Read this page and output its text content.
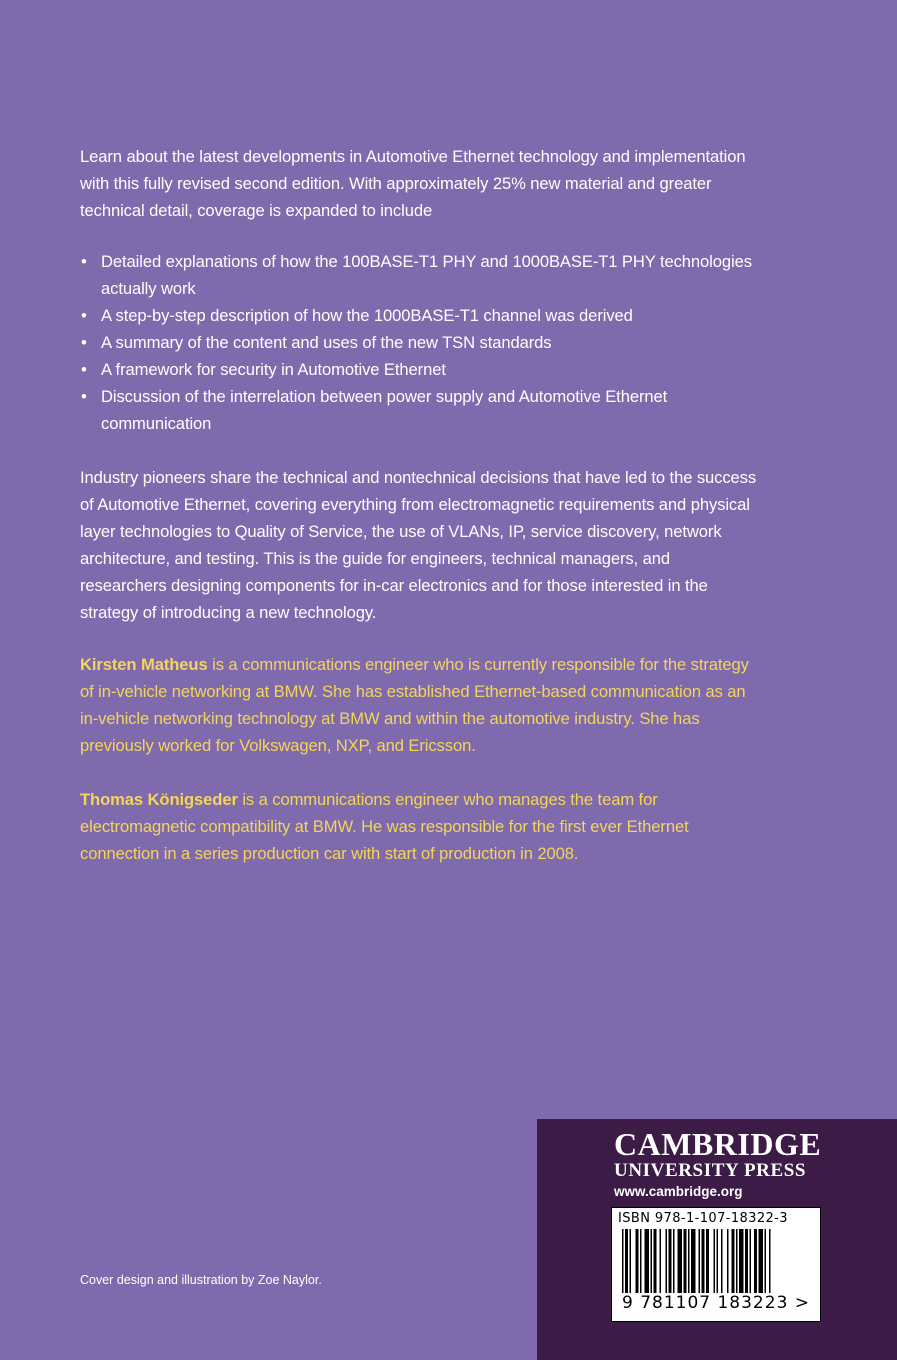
Learn about the latest developments in Automotive Ethernet technology and implementation with this fully revised second edition. With approximately 25% new material and greater technical detail, coverage is expanded to include
• Detailed explanations of how the 100BASE-T1 PHY and 1000BASE-T1 PHY technologies actually work
• A step-by-step description of how the 1000BASE-T1 channel was derived
• A summary of the content and uses of the new TSN standards
• A framework for security in Automotive Ethernet
• Discussion of the interrelation between power supply and Automotive Ethernet communication
Industry pioneers share the technical and nontechnical decisions that have led to the success of Automotive Ethernet, covering everything from electromagnetic requirements and physical layer technologies to Quality of Service, the use of VLANs, IP, service discovery, network architecture, and testing. This is the guide for engineers, technical managers, and researchers designing components for in-car electronics and for those interested in the strategy of introducing a new technology.
Kirsten Matheus is a communications engineer who is currently responsible for the strategy of in-vehicle networking at BMW. She has established Ethernet-based communication as an in-vehicle networking technology at BMW and within the automotive industry. She has previously worked for Volkswagen, NXP, and Ericsson.
Thomas Königseder is a communications engineer who manages the team for electromagnetic compatibility at BMW. He was responsible for the first ever Ethernet connection in a series production car with start of production in 2008.
Cover design and illustration by Zoe Naylor.
CAMBRIDGE
UNIVERSITY PRESS
www.cambridge.org
ISBN 978-1-107-18322-3
9 781107 183223 >
